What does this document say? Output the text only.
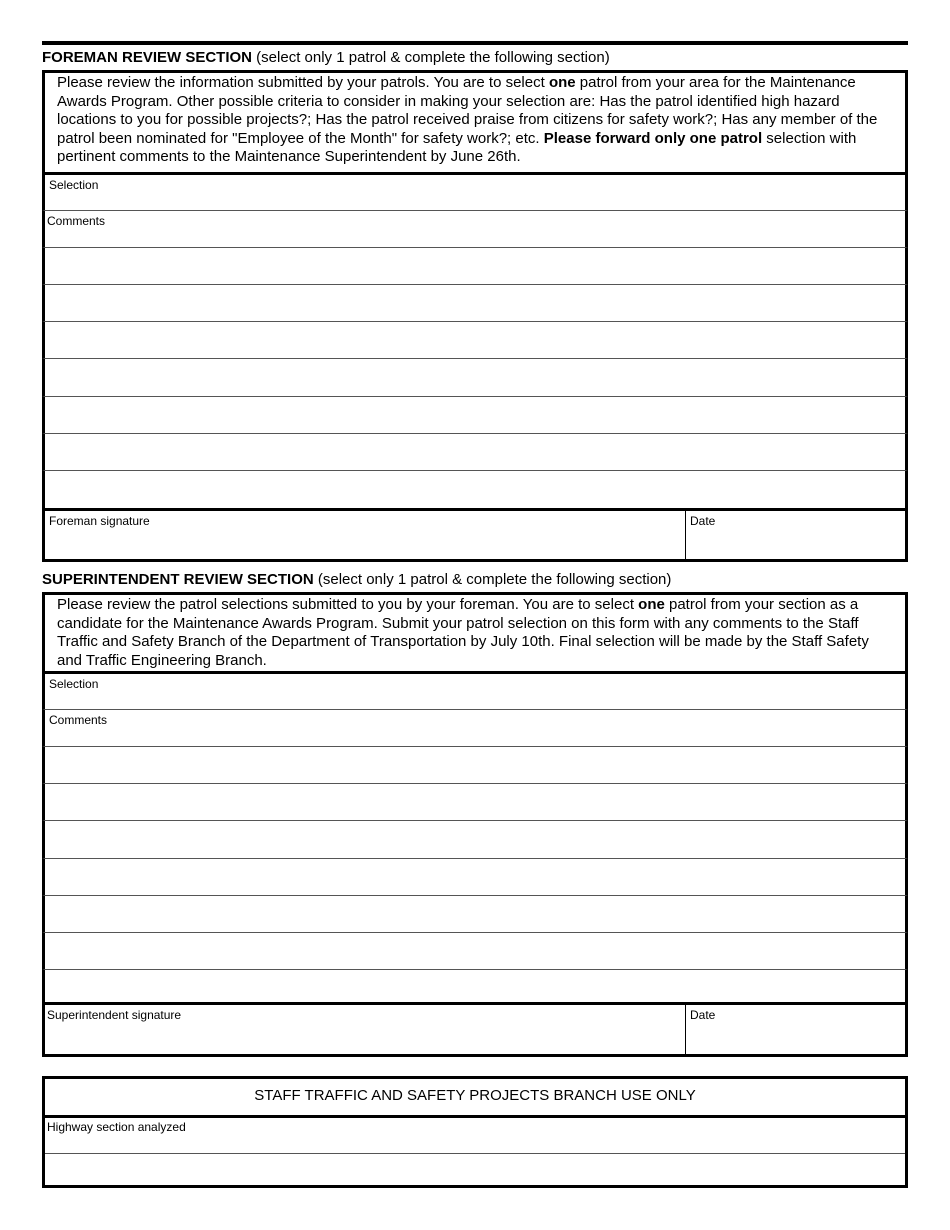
FOREMAN REVIEW SECTION (select only 1 patrol & complete the following section)
Please review the information submitted by your patrols. You are to select one patrol from your area for the Maintenance Awards Program. Other possible criteria to consider in making your selection are: Has the patrol identified high hazard locations to you for possible projects?; Has the patrol received praise from citizens for safety work?; Has any member of the patrol been nominated for "Employee of the Month" for safety work?; etc. Please forward only one patrol selection with pertinent comments to the Maintenance Superintendent by June 26th.
Selection
Comments
Foreman signature	Date
SUPERINTENDENT REVIEW SECTION (select only 1 patrol & complete the following section)
Please review the patrol selections submitted to you by your foreman. You are to select one patrol from your section as a candidate for the Maintenance Awards Program. Submit your patrol selection on this form with any comments to the Staff Traffic and Safety Branch of the Department of Transportation by July 10th. Final selection will be made by the Staff Safety and Traffic Engineering Branch.
Selection
Comments
Superintendent signature	Date
STAFF TRAFFIC AND SAFETY PROJECTS BRANCH USE ONLY
Highway section analyzed
